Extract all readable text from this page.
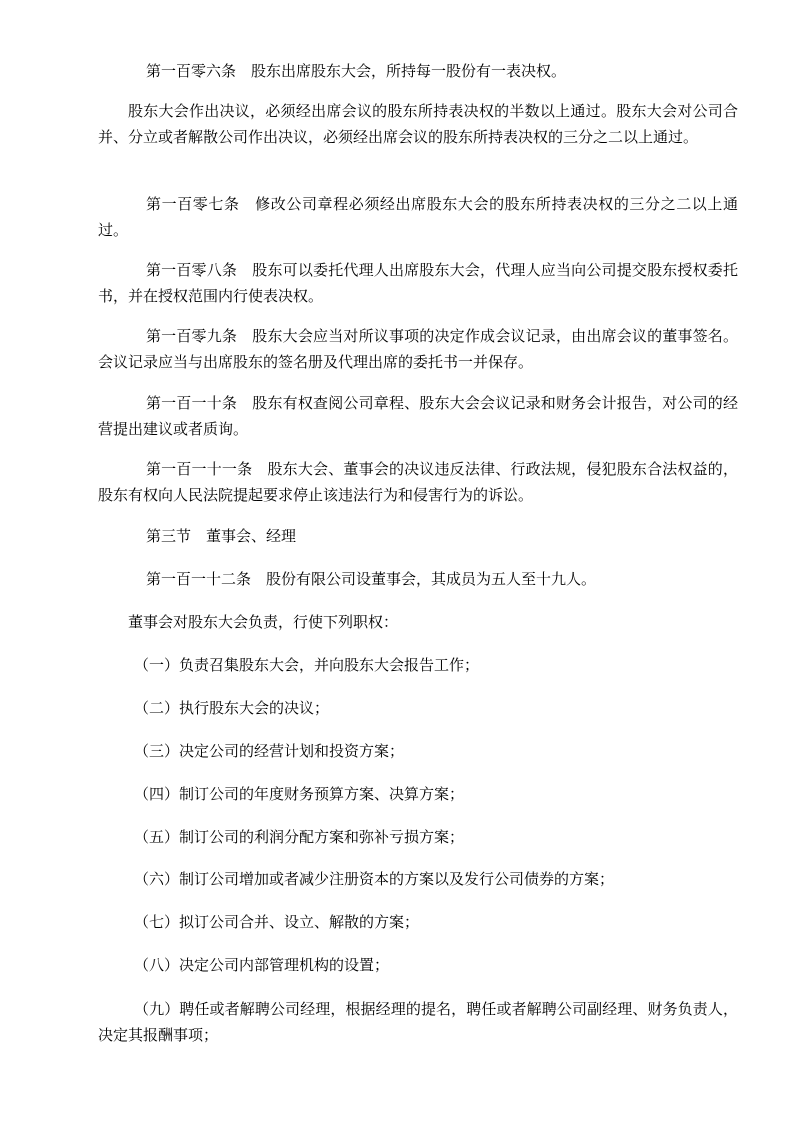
第一百零六条　股东出席股东大会，所持每一股份有一表决权。

股东大会作出决议，必须经出席会议的股东所持表决权的半数以上通过。股东大会对公司合并、分立或者解散公司作出决议，必须经出席会议的股东所持表决权的三分之二以上通过。

第一百零七条　修改公司章程必须经出席股东大会的股东所持表决权的三分之二以上通过。

第一百零八条　股东可以委托代理人出席股东大会，代理人应当向公司提交股东授权委托书，并在授权范围内行使表决权。

第一百零九条　股东大会应当对所议事项的决定作成会议记录，由出席会议的董事签名。会议记录应当与出席股东的签名册及代理出席的委托书一并保存。

第一百一十条　股东有权查阅公司章程、股东大会会议记录和财务会计报告，对公司的经营提出建议或者质询。

第一百一十一条　股东大会、董事会的决议违反法律、行政法规，侵犯股东合法权益的，股东有权向人民法院提起要求停止该违法行为和侵害行为的诉讼。

第三节　董事会、经理

第一百一十二条　股份有限公司设董事会，其成员为五人至十九人。

董事会对股东大会负责，行使下列职权：

（一）负责召集股东大会，并向股东大会报告工作；

（二）执行股东大会的决议；

（三）决定公司的经营计划和投资方案；

（四）制订公司的年度财务预算方案、决算方案；

（五）制订公司的利润分配方案和弥补亏损方案；

（六）制订公司增加或者减少注册资本的方案以及发行公司债券的方案；

（七）拟订公司合并、设立、解散的方案；

（八）决定公司内部管理机构的设置；

（九）聘任或者解聘公司经理，根据经理的提名，聘任或者解聘公司副经理、财务负责人，决定其报酬事项；
